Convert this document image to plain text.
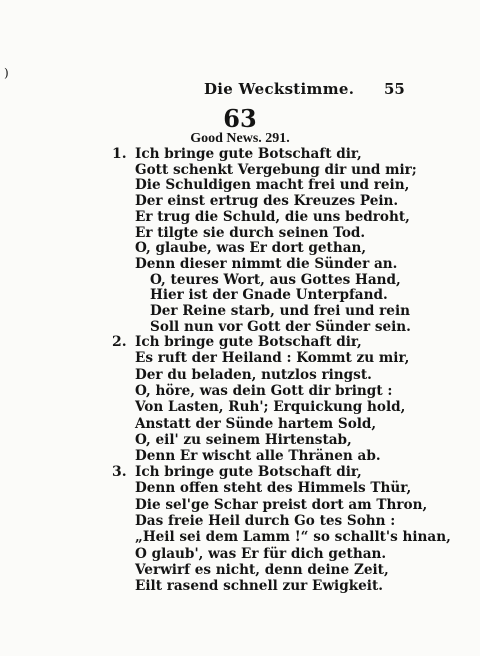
)
Die Weckstimme. 55
63
Good News. 291.
1. Ich bringe gute Botschaft dir,
Gott schenkt Vergebung dir und mir;
Die Schuldigen macht frei und rein,
Der einst ertrug des Kreuzes Pein.
Er trug die Schuld, die uns bedroht,
Er tilgte sie durch seinen Tod.
O, glaube, was Er dort gethan,
Denn dieser nimmt die Sünder an.
O, teures Wort, aus Gottes Hand,
Hier ist der Gnade Unterpfand.
Der Reine starb, und frei und rein
Soll nun vor Gott der Sünder sein.
2. Ich bringe gute Botschaft dir,
Es ruft der Heiland : Kommt zu mir,
Der du beladen, nutzlos ringst.
O, höre, was dein Gott dir bringt :
Von Lasten, Ruh'; Erquickung hold,
Anstatt der Sünde hartem Sold,
O, eil' zu seinem Hirtenstab,
Denn Er wischt alle Thränen ab.
3. Ich bringe gute Botschaft dir,
Denn offen steht des Himmels Thür,
Die sel'ge Schar preist dort am Thron,
Das freie Heil durch Go tes Sohn :
„Heil sei dem Lamm !“ so schallt's hinan,
O glaub', was Er für dich gethan.
Verwirf es nicht, denn deine Zeit,
Eilt rasend schnell zur Ewigkeit.
